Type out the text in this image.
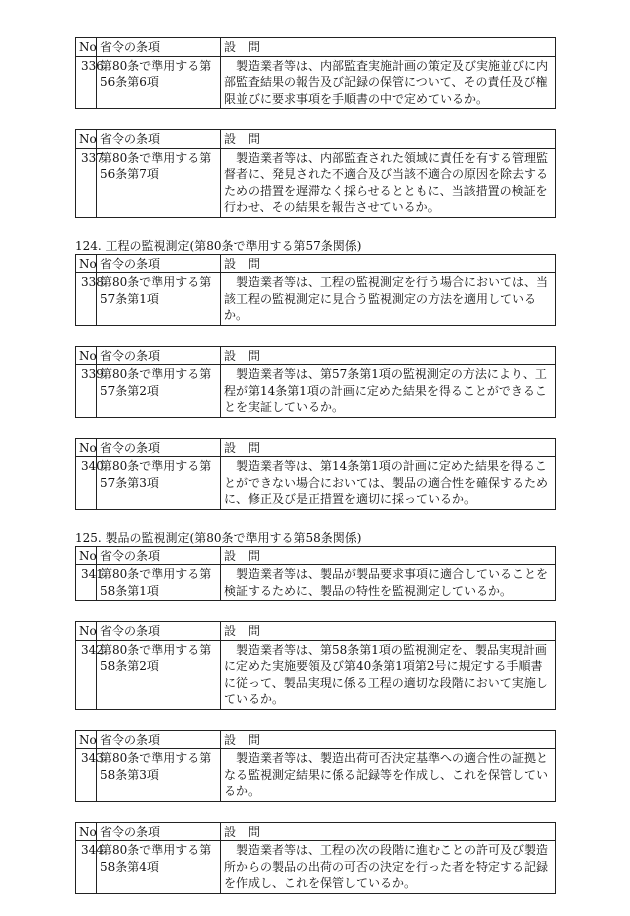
No	省令の条項	設　問
336	第80条で準用する第56条第6項	製造業者等は、内部監査実施計画の策定及び実施並びに内部監査結果の報告及び記録の保管について、その責任及び権限並びに要求事項を手順書の中で定めているか。
No	省令の条項	設　問
337	第80条で準用する第56条第7項	製造業者等は、内部監査された領域に責任を有する管理監督者に、発見された不適合及び当該不適合の原因を除去するための措置を遅滞なく採らせるとともに、当該措置の検証を行わせ、その結果を報告させているか。

124. 工程の監視測定(第80条で準用する第57条関係)

No	省令の条項	設　問
338	第80条で準用する第57条第1項	製造業者等は、工程の監視測定を行う場合においては、当該工程の監視測定に見合う監視測定の方法を適用しているか。
No	省令の条項	設　問
339	第80条で準用する第57条第2項	製造業者等は、第57条第1項の監視測定の方法により、工程が第14条第1項の計画に定めた結果を得ることができることを実証しているか。
No	省令の条項	設　問
340	第80条で準用する第57条第3項	製造業者等は、第14条第1項の計画に定めた結果を得ることができない場合においては、製品の適合性を確保するために、修正及び是正措置を適切に採っているか。

125. 製品の監視測定(第80条で準用する第58条関係)

No	省令の条項	設　問
341	第80条で準用する第58条第1項	製造業者等は、製品が製品要求事項に適合していることを検証するために、製品の特性を監視測定しているか。
No	省令の条項	設　問
342	第80条で準用する第58条第2項	製造業者等は、第58条第1項の監視測定を、製品実現計画に定めた実施要領及び第40条第1項第2号に規定する手順書に従って、製品実現に係る工程の適切な段階において実施しているか。
No	省令の条項	設　問
343	第80条で準用する第58条第3項	製造業者等は、製造出荷可否決定基準への適合性の証拠となる監視測定結果に係る記録等を作成し、これを保管しているか。
No	省令の条項	設　問
344	第80条で準用する第58条第4項	製造業者等は、工程の次の段階に進むことの許可及び製造所からの製品の出荷の可否の決定を行った者を特定する記録を作成し、これを保管しているか。
